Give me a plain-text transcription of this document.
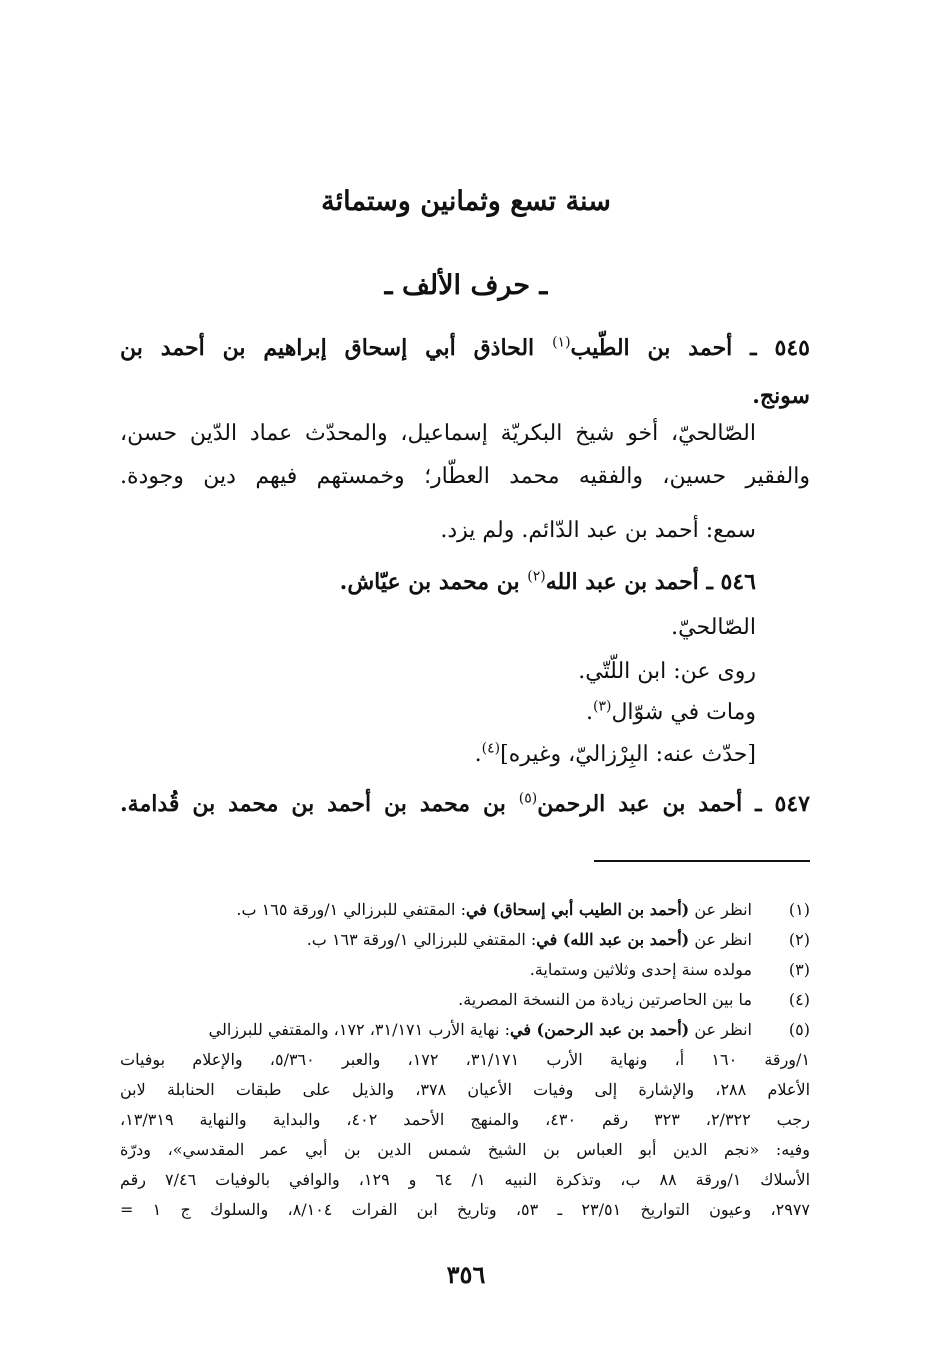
سنة تسع وثمانين وستمائة
ـ حرف الألف ـ
٥٤٥ ـ أحمد بن الطّيب$^{(١)}$ الحاذق أبي إسحاق إبراهيم بن أحمد بن
سونج.
الصّالحيّ، أخو شيخ البكريّة إسماعيل، والمحدّث عماد الدّين حسن،
والفقير حسين، والفقيه محمد العطّار؛ وخمستهم فيهم دين وجودة.
سمع: أحمد بن عبد الدّائم. ولم يزد.
٥٤٦ ـ أحمد بن عبد الله$^{(٢)}$ بن محمد بن عيّاش.
الصّالحيّ.
روى عن: ابن اللّتّي.
ومات في شوّال$^{(٣)}$.
[حدّث عنه: البِرْزاليّ، وغيره]$^{(٤)}$.
٥٤٧ ـ أحمد بن عبد الرحمن$^{(٥)}$ بن محمد بن أحمد بن محمد بن قُدامة.
(١)
انظر عن (أحمد بن الطيب أبي إسحاق) في: المقتفي للبرزالي ١/ورقة ١٦٥ ب.
(٢)
انظر عن (أحمد بن عبد الله) في: المقتفي للبرزالي ١/ورقة ١٦٣ ب.
(٣)
مولده سنة إحدى وثلاثين وستماية.
(٤)
ما بين الحاصرتين زيادة من النسخة المصرية.
(٥)
انظر عن (أحمد بن عبد الرحمن) في: نهاية الأرب ٣١/١٧١، ١٧٢، والمقتفي للبرزالي
١/ورقة ١٦٠ أ، ونهاية الأرب ٣١/١٧١، ١٧٢، والعبر ٥/٣٦٠، والإعلام بوفيات
الأعلام ٢٨٨، والإشارة إلى وفيات الأعيان ٣٧٨، والذيل على طبقات الحنابلة لابن
رجب ٢/٣٢٢، ٣٢٣ رقم ٤٣٠، والمنهج الأحمد ٤٠٢، والبداية والنهاية ١٣/٣١٩،
وفيه: «نجم الدين أبو العباس بن الشيخ شمس الدين بن أبي عمر المقدسي»، ودرّة
الأسلاك ١/ورقة ٨٨ ب، وتذكرة النبيه ١/ ٦٤ و ١٢٩، والوافي بالوفيات ٧/٤٦ رقم
٢٩٧٧، وعيون التواريخ ٢٣/٥١ ـ ٥٣، وتاريخ ابن الفرات ٨/١٠٤، والسلوك ج ١ =
٣٥٦
